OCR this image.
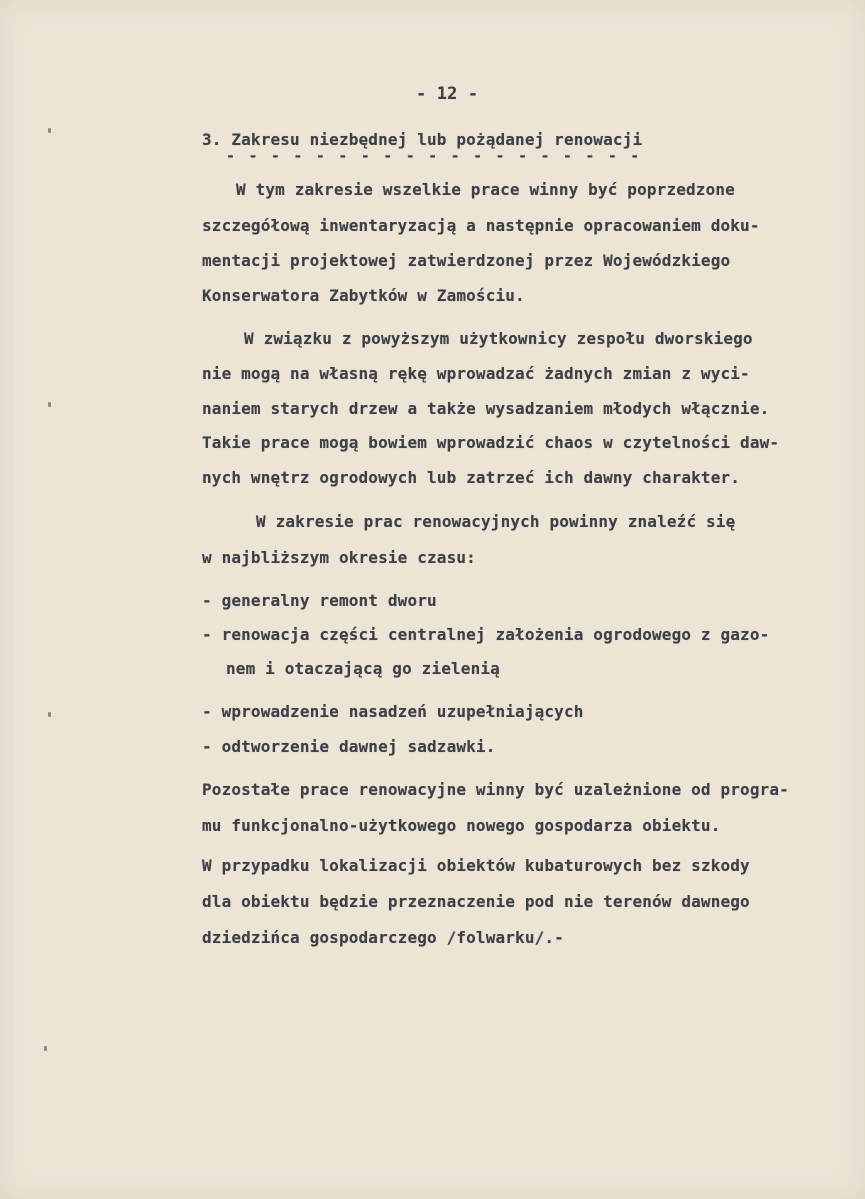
- 12 -
3. Zakresu niezbędnej lub pożądanej renowacji
- - - - - - - - - - - - - - - - - - -
W tym zakresie wszelkie prace winny być poprzedzone
szczegółową inwentaryzacją a następnie opracowaniem doku-
mentacji projektowej zatwierdzonej przez Wojewódzkiego
Konserwatora Zabytków w Zamościu.
W związku z powyższym użytkownicy zespołu dworskiego
nie mogą na własną rękę wprowadzać żadnych zmian z wyci-
naniem starych drzew a także wysadzaniem młodych włącznie.
Takie prace mogą bowiem wprowadzić chaos w czytelności daw-
nych wnętrz ogrodowych lub zatrzeć ich dawny charakter.
W zakresie prac renowacyjnych powinny znaleźć się
w najbliższym okresie czasu:
- generalny remont dworu
- renowacja części centralnej założenia ogrodowego z gazo-
nem i otaczającą go zielenią
- wprowadzenie nasadzeń uzupełniających
- odtworzenie dawnej sadzawki.
Pozostałe prace renowacyjne winny być uzależnione od progra-
mu funkcjonalno-użytkowego nowego gospodarza obiektu.
W przypadku lokalizacji obiektów kubaturowych bez szkody
dla obiektu będzie przeznaczenie pod nie terenów dawnego
dziedzińca gospodarczego /folwarku/.-
